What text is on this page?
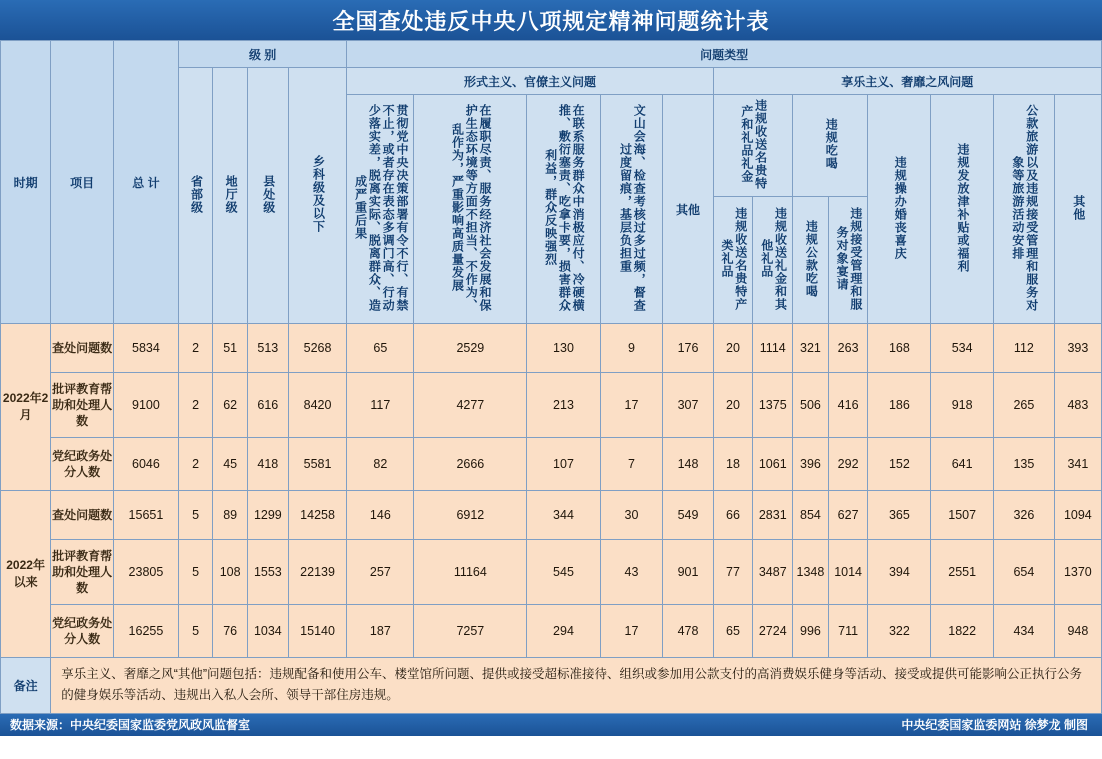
全国查处违反中央八项规定精神问题统计表
时期	项目	总 计	级 别				问题类型												
			省部级	地厅级	县处级	乡科级及以下	形式主义、官僚主义问题					享乐主义、奢靡之风问题							
							贯彻党中央决策部署有令不行、有禁不止，或者存在表态多调门高、行动少落实差，脱离实际、脱离群众、造成严重后果	在履职尽责、服务经济社会发展和保护生态环境等方面不担当、不作为、乱作为，严重影响高质量发展	在联系服务群众中消极应付、冷硬横推、敷衍塞责、吃拿卡要，损害群众利益，群众反映强烈	文山会海、检查考核过多过频，督查过度留痕，基层负担重	其他	违规收送名贵特产和礼品礼金		违规吃喝		违规操办婚丧喜庆	违规发放津补贴或福利	公款旅游以及违规接受管理和服务对象等旅游活动安排	其他
												违规收送名贵特产类礼品	违规收送礼金和其他礼品	违规公款吃喝	违规接受管理和服务对象宴请				
2022年2月	查处问题数	5834	2	51	513	5268	65	2529	130	9	176	20	1114	321	263	168	534	112	393
	批评教育帮助和处理人数	9100	2	62	616	8420	117	4277	213	17	307	20	1375	506	416	186	918	265	483
	党纪政务处分人数	6046	2	45	418	5581	82	2666	107	7	148	18	1061	396	292	152	641	135	341
2022年以来	查处问题数	15651	5	89	1299	14258	146	6912	344	30	549	66	2831	854	627	365	1507	326	1094
	批评教育帮助和处理人数	23805	5	108	1553	22139	257	11164	545	43	901	77	3487	1348	1014	394	2551	654	1370
	党纪政务处分人数	16255	5	76	1034	15140	187	7257	294	17	478	65	2724	996	711	322	1822	434	948
备注	享乐主义、奢靡之风“其他”问题包括：违规配备和使用公车、楼堂馆所问题、提供或接受超标准接待、组织或参加用公款支付的高消费娱乐健身等活动、接受或提供可能影响公正执行公务的健身娱乐等活动、违规出入私人会所、领导干部住房违规。																		
数据来源：中央纪委国家监委党风政风监督室	中央纪委国家监委网站 徐梦龙 制图
